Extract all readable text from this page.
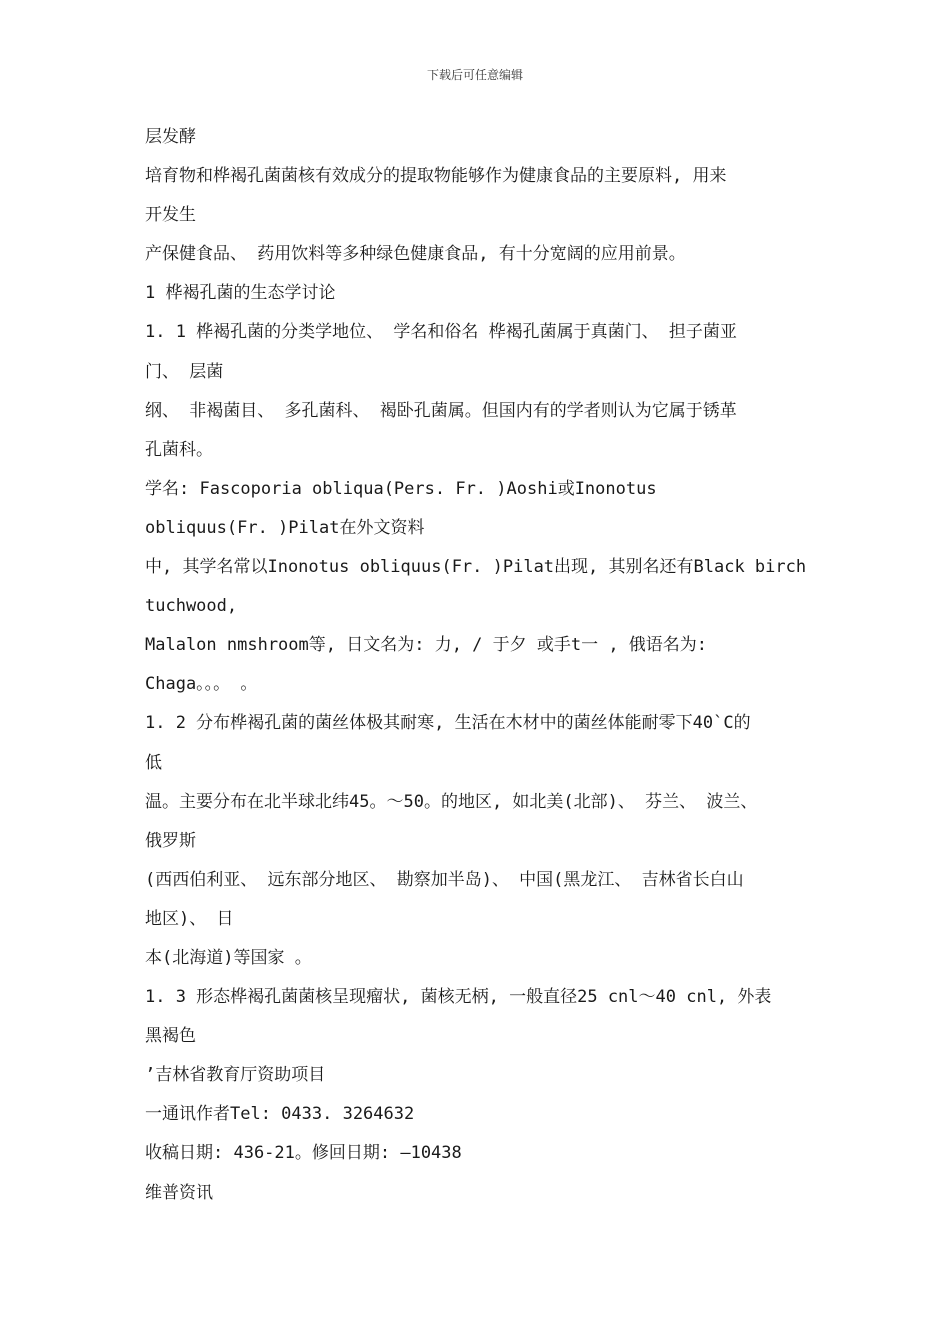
下载后可任意编辑
层发酵
培育物和桦褐孔菌菌核有效成分的提取物能够作为健康食品的主要原料, 用来
开发生
产保健食品、 药用饮料等多种绿色健康食品, 有十分宽阔的应用前景。
1 桦褐孔菌的生态学讨论
1. 1 桦褐孔菌的分类学地位、 学名和俗名 桦褐孔菌属于真菌门、 担子菌亚
门、 层菌
纲、 非褐菌目、 多孔菌科、 褐卧孔菌属。但国内有的学者则认为它属于锈革
孔菌科。
学名: Fascoporia obliqua(Pers. Fr. )Aoshi或Inonotus
obliquus(Fr. )Pilat在外文资料
中, 其学名常以Inonotus obliquus(Fr. )Pilat出现, 其别名还有Black birch
tuchwood,
Malalon nmshroom等, 日文名为: 力, / 于夕 或手t一 , 俄语名为:
Chaga。。。 。
1. 2 分布桦褐孔菌的菌丝体极其耐寒, 生活在木材中的菌丝体能耐零下40`C的
低
温。主要分布在北半球北纬45。～50。的地区, 如北美(北部)、 芬兰、 波兰、
俄罗斯
(西西伯利亚、 远东部分地区、 勘察加半岛)、 中国(黑龙江、 吉林省长白山
地区)、 日
本(北海道)等国家 。
1. 3 形态桦褐孔菌菌核呈现瘤状, 菌核无柄, 一般直径25 cnl～40 cnl, 外表
黑褐色
’吉林省教育厅资助项目
一通讯作者Tel: 0433. 3264632
收稿日期: 436-21。修回日期: —10438
维普资讯
